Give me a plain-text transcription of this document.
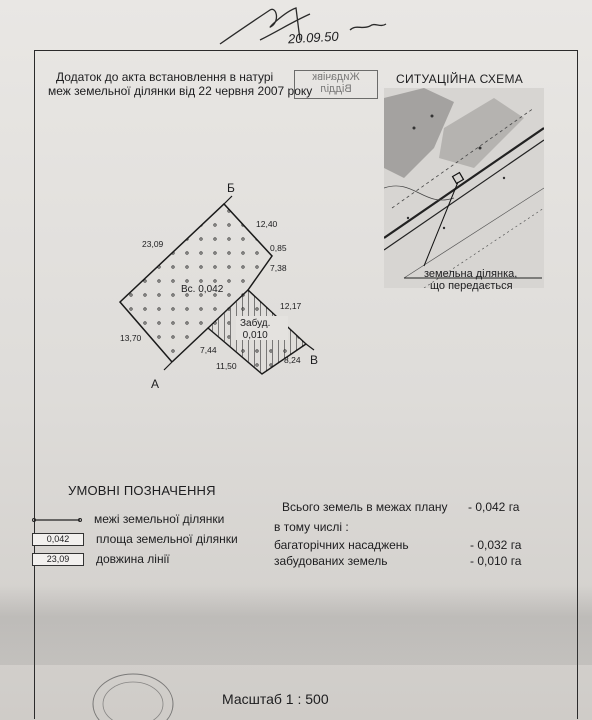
20.09.50
Додаток до акта встановлення в натурі
меж земельної ділянки від 22 червня 2007 року
Жидачівк
Відділ
СИТУАЦІЙНА СХЕМА
земельна ділянка,
що передається
Б
А
В
23,09
12,40
0,85
7,38
12,17
8,24
11,50
7,44
13,70
Вс. 0,042
Забуд.
0,010
УМОВНІ ПОЗНАЧЕННЯ
межі земельної ділянки
0,042	площа земельної ділянки
23,09	довжина лінії
Всього земель в межах плану - 0,042 га
в тому числі :
багаторічних насаджень	- 0,032 га
забудованих земель	- 0,010 га
Масштаб 1 : 500
